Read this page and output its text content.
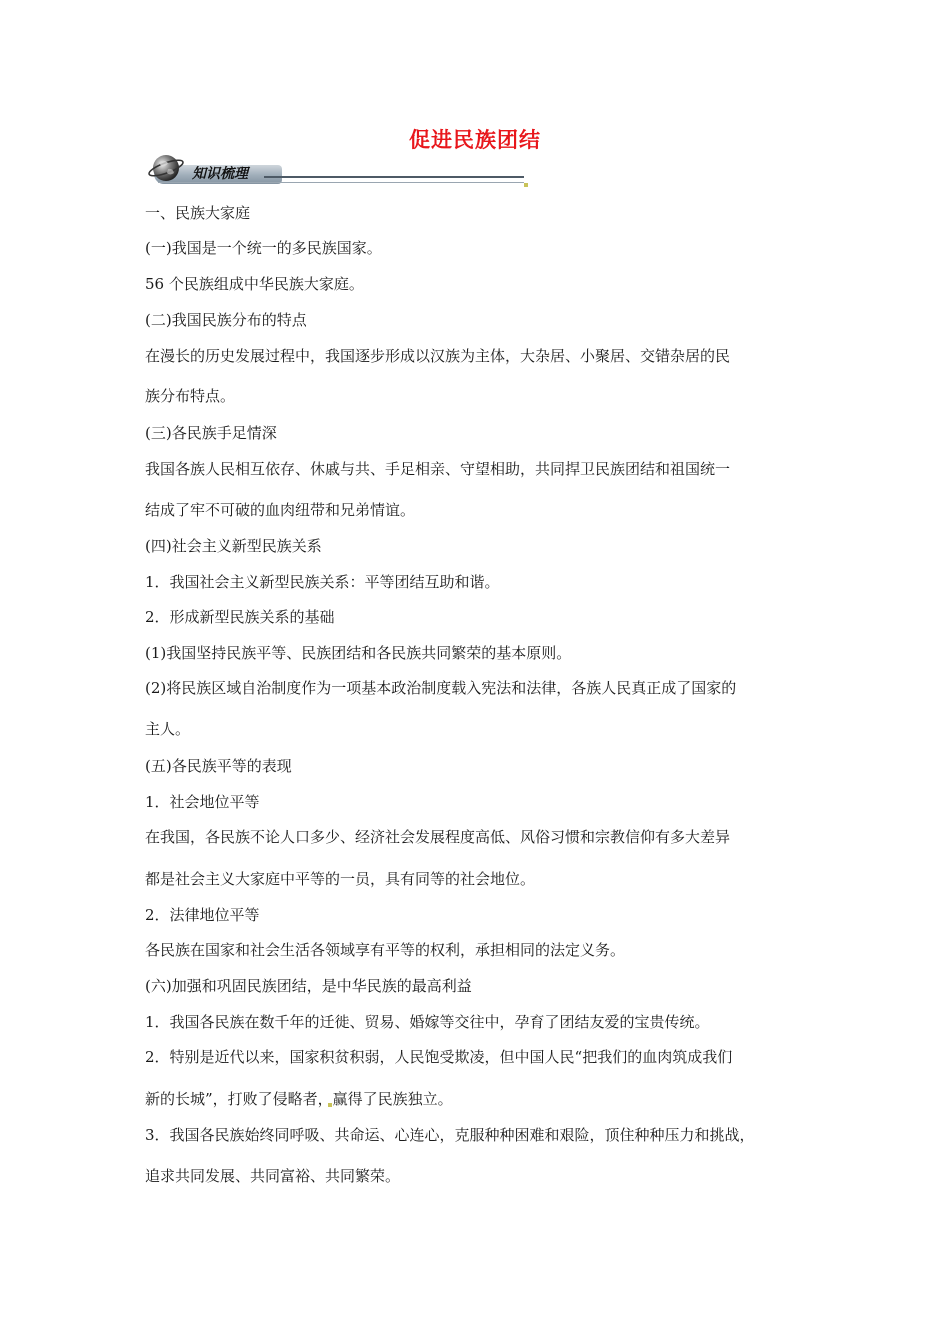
促进民族团结
知识梳理
一、民族大家庭
(一)我国是一个统一的多民族国家。
56 个民族组成中华民族大家庭。
(二)我国民族分布的特点
在漫长的历史发展过程中，我国逐步形成以汉族为主体，大杂居、小聚居、交错杂居的民
族分布特点。
(三)各民族手足情深
我国各族人民相互依存、休戚与共、手足相亲、守望相助，共同捍卫民族团结和祖国统一
结成了牢不可破的血肉纽带和兄弟情谊。
(四)社会主义新型民族关系
1．我国社会主义新型民族关系：平等团结互助和谐。
2．形成新型民族关系的基础
(1)我国坚持民族平等、民族团结和各民族共同繁荣的基本原则。
(2)将民族区域自治制度作为一项基本政治制度载入宪法和法律，各族人民真正成了国家的
主人。
(五)各民族平等的表现
1．社会地位平等
在我国，各民族不论人口多少、经济社会发展程度高低、风俗习惯和宗教信仰有多大差异
都是社会主义大家庭中平等的一员，具有同等的社会地位。
2．法律地位平等
各民族在国家和社会生活各领域享有平等的权利，承担相同的法定义务。
(六)加强和巩固民族团结，是中华民族的最高利益
1．我国各民族在数千年的迁徙、贸易、婚嫁等交往中，孕育了团结友爱的宝贵传统。
2．特别是近代以来，国家积贫积弱，人民饱受欺凌，但中国人民“把我们的血肉筑成我们
新的长城”，打败了侵略者，赢得了民族独立。
3．我国各民族始终同呼吸、共命运、心连心，克服种种困难和艰险，顶住种种压力和挑战，
追求共同发展、共同富裕、共同繁荣。
